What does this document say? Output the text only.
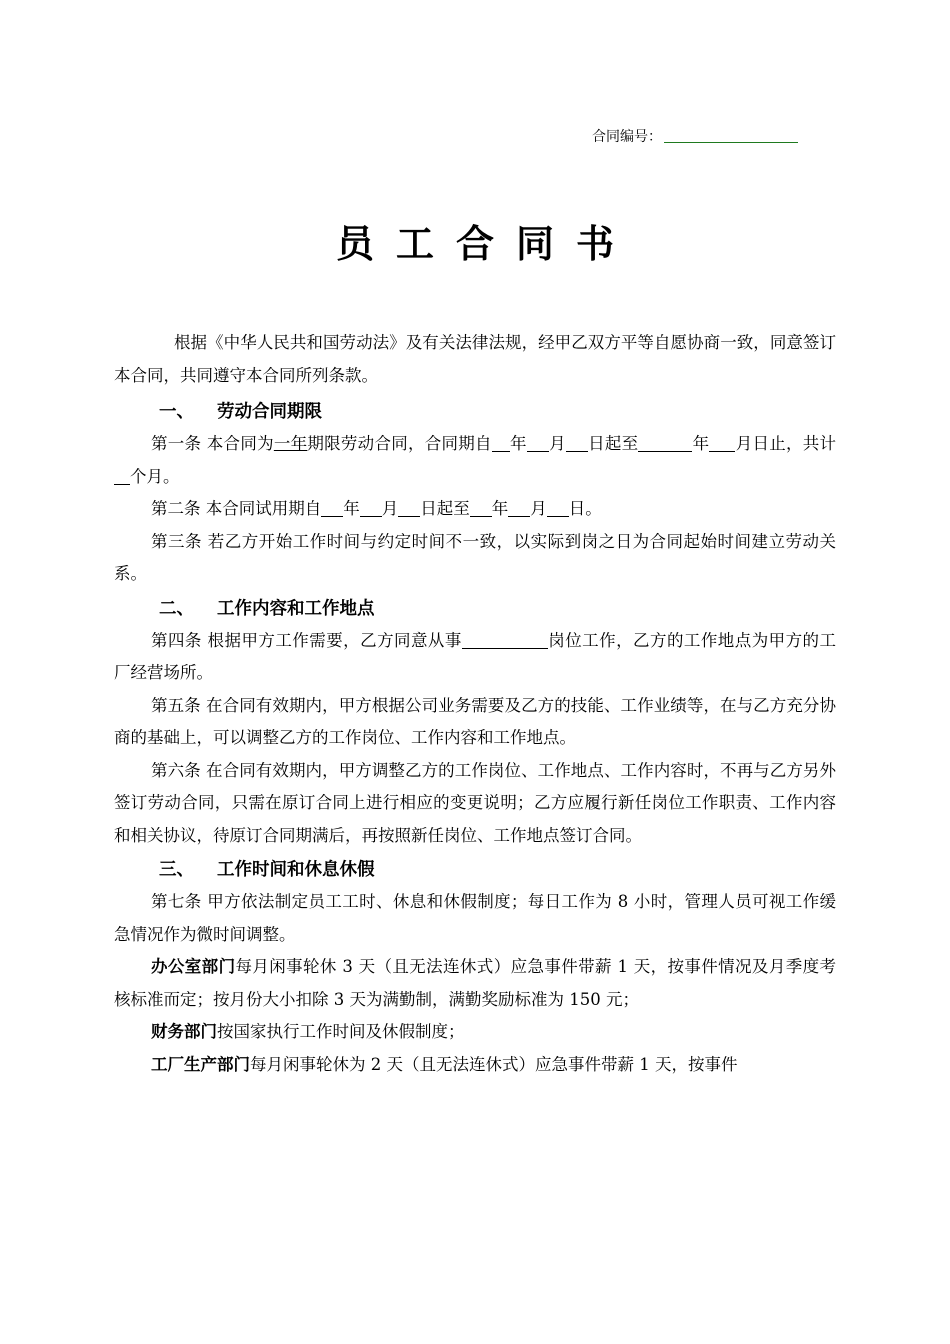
合同编号：
员工合同书

根据《中华人民共和国劳动法》及有关法律法规，经甲乙双方平等自愿协商一致，同意签订本合同，共同遵守本合同所列条款。

一、 劳动合同期限

第一条 本合同为一年期限劳动合同，合同期自 年 月 日起至	年 月日止，共计个月。

第二条 本合同试用期自 年 月 日起至 年 月 日。

第三条 若乙方开始工作时间与约定时间不一致，以实际到岗之日为合同起始时间建立劳动关系。

二、 工作内容和工作地点

第四条 根据甲方工作需要，乙方同意从事	岗位工作，乙方的工作地点为甲方的工厂经营场所。

第五条 在合同有效期内，甲方根据公司业务需要及乙方的技能、工作业绩等，在与乙方充分协商的基础上，可以调整乙方的工作岗位、工作内容和工作地点。

第六条 在合同有效期内，甲方调整乙方的工作岗位、工作地点、工作内容时，不再与乙方另外签订劳动合同，只需在原订合同上进行相应的变更说明；乙方应履行新任岗位工作职责、工作内容和相关协议，待原订合同期满后，再按照新任岗位、工作地点签订合同。

三、 工作时间和休息休假

第七条 甲方依法制定员工工时、休息和休假制度；每日工作为 8 小时，管理人员可视工作缓急情况作为微时间调整。

办公室部门每月闲事轮休 3 天（且无法连休式）应急事件带薪 1 天，按事件情况及月季度考核标准而定；按月份大小扣除 3 天为满勤制，满勤奖励标准为 150 元；

财务部门按国家执行工作时间及休假制度；

工厂生产部门每月闲事轮休为 2 天（且无法连休式）应急事件带薪 1 天，按事件
